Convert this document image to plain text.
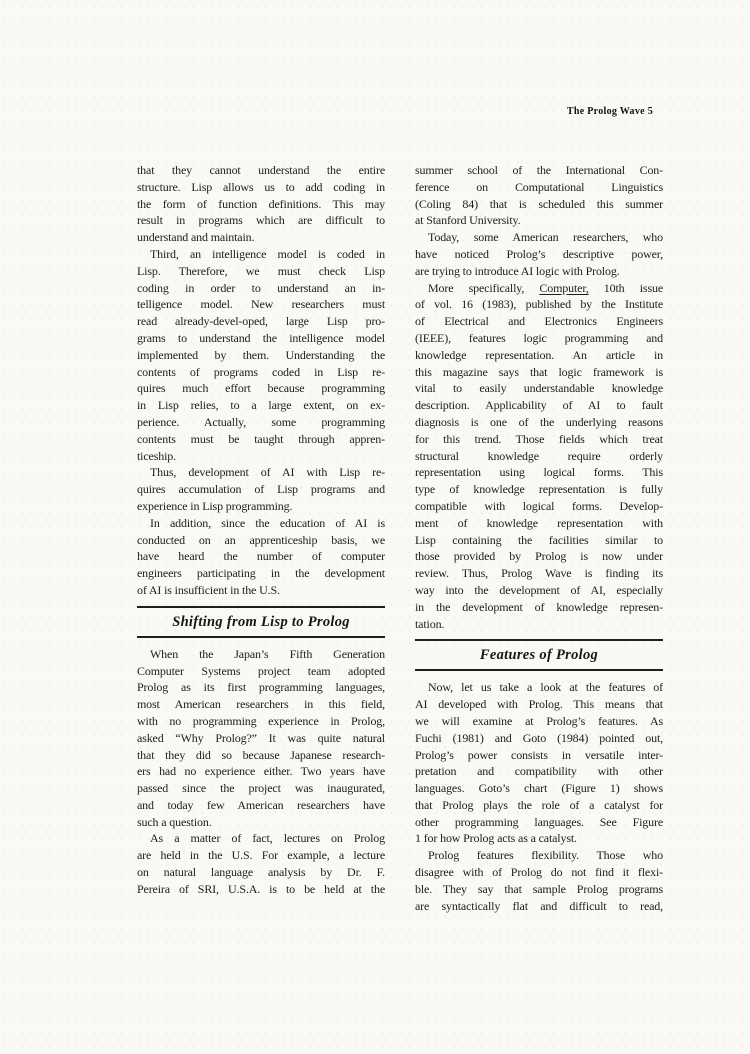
The Prolog Wave 5
that they cannot understand the entire
structure. Lisp allows us to add coding in
the form of function definitions. This may
result in programs which are difficult to
understand and maintain.
Third, an intelligence model is coded in
Lisp. Therefore, we must check Lisp
coding in order to understand an in-
telligence model. New researchers must
read already-devel-oped, large Lisp pro-
grams to understand the intelligence model
implemented by them. Understanding the
contents of programs coded in Lisp re-
quires much effort because programming
in Lisp relies, to a large extent, on ex-
perience. Actually, some programming
contents must be taught through appren-
ticeship.
Thus, development of AI with Lisp re-
quires accumulation of Lisp programs and
experience in Lisp programming.
In addition, since the education of AI is
conducted on an apprenticeship basis, we
have heard the number of computer
engineers participating in the development
of AI is insufficient in the U.S.
Shifting from Lisp to Prolog
When the Japan’s Fifth Generation
Computer Systems project team adopted
Prolog as its first programming languages,
most American researchers in this field,
with no programming experience in Prolog,
asked “Why Prolog?” It was quite natural
that they did so because Japanese research-
ers had no experience either. Two years have
passed since the project was inaugurated,
and today few American researchers have
such a question.
As a matter of fact, lectures on Prolog
are held in the U.S. For example, a lecture
on natural language analysis by Dr. F.
Pereira of SRI, U.S.A. is to be held at the
summer school of the International Con-
ference on Computational Linguistics
(Coling 84) that is scheduled this summer
at Stanford University.
Today, some American researchers, who
have noticed Prolog’s descriptive power,
are trying to introduce AI logic with Prolog.
More specifically, Computer, 10th issue
of vol. 16 (1983), published by the Institute
of Electrical and Electronics Engineers
(IEEE), features logic programming and
knowledge representation. An article in
this magazine says that logic framework is
vital to easily understandable knowledge
description. Applicability of AI to fault
diagnosis is one of the underlying reasons
for this trend. Those fields which treat
structural knowledge require orderly
representation using logical forms. This
type of knowledge representation is fully
compatible with logical forms. Develop-
ment of knowledge representation with
Lisp containing the facilities similar to
those provided by Prolog is now under
review. Thus, Prolog Wave is finding its
way into the development of AI, especially
in the development of knowledge represen-
tation.
Features of Prolog
Now, let us take a look at the features of
AI developed with Prolog. This means that
we will examine at Prolog’s features. As
Fuchi (1981) and Goto (1984) pointed out,
Prolog’s power consists in versatile inter-
pretation and compatibility with other
languages. Goto’s chart (Figure 1) shows
that Prolog plays the role of a catalyst for
other programming languages. See Figure
1 for how Prolog acts as a catalyst.
Prolog features flexibility. Those who
disagree with of Prolog do not find it flexi-
ble. They say that sample Prolog programs
are syntactically flat and difficult to read,
